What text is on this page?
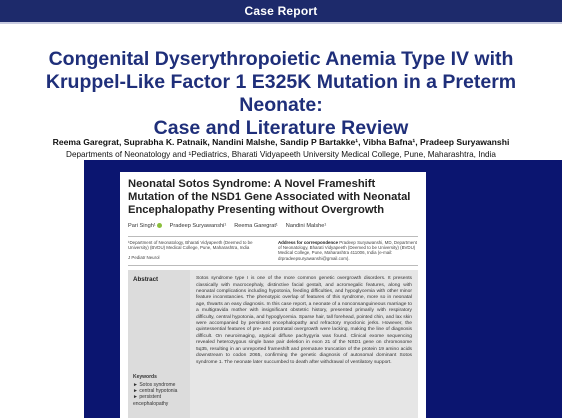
Case Report
Congenital Dyserythropoietic Anemia Type IV with
Kruppel-Like Factor 1 E325K Mutation in a Preterm Neonate:
Case and Literature Review
Reema Garegrat, Suprabha K. Patnaik, Nandini Malshe, Sandip P Bartakke¹, Vibha Bafna¹, Pradeep Suryawanshi
Departments of Neonatology and ¹Pediatrics, Bharati Vidyapeeth University Medical College, Pune, Maharashtra, India
Neonatal Sotos Syndrome: A Novel Frameshift Mutation of the NSD1 Gene Associated with Neonatal Encephalopathy Presenting without Overgrowth
Pari Singh¹	Pradeep Suryawanshi¹ Reema Garegrat¹ Nandini Malshe¹
¹Department of Neonatology, Bharati Vidyapeeth (Deemed to be University) (BVDU) Medical College, Pune, Maharashtra, India
J Pediatr Neurol
Address for correspondence Pradeep Suryawanshi, MD, Department of Neonatology, Bharati Vidyapeeth (Deemed to be University) (BVDU) Medical College, Pune, Maharashtra 411006, India (e-mail: drpradeepsuryawanshi@gmail.com).
Abstract
Keywords
► Sotos syndrome
► central hypotonia
► persistent
encephalopathy
Sotos syndrome type I is one of the more common genetic overgrowth disorders. It presents classically with macrocephaly, distinctive facial gestalt, and acromegalic features, along with neonatal complications including hypotonia, feeding difficulties, and hypoglycemia with other minor feature inconstancies. The phenotypic overlap of features of this syndrome, more so in neonatal age, thwarts an easy diagnosis. In this case report, a neonate of a nonconsanguineous marriage to a multigravida mother with insignificant obstetric history, presented primarily with respiratory difficulty, central hypotonia, and hypoglycemia. Sparse hair, tall forehead, pointed chin, and lax skin were accompanied by persistent encephalopathy and refractory myoclonic jerks. However, the quintessential features of pre- and postnatal overgrowth were lacking, making the line of diagnosis difficult. On neuroimaging, atypical diffuse pachygyria was found. Clinical exome sequencing revealed heterozygous single base pair deletion in exon 21 of the NSD1 gene on chromosome 5q35, resulting in an unreported frameshift and premature truncation of the protein 19 amino acids downstream to codon 2065, confirming the genetic diagnosis of autosomal dominant Sotos syndrome 1. The neonate later succumbed to death after withdrawal of ventilatory support.
